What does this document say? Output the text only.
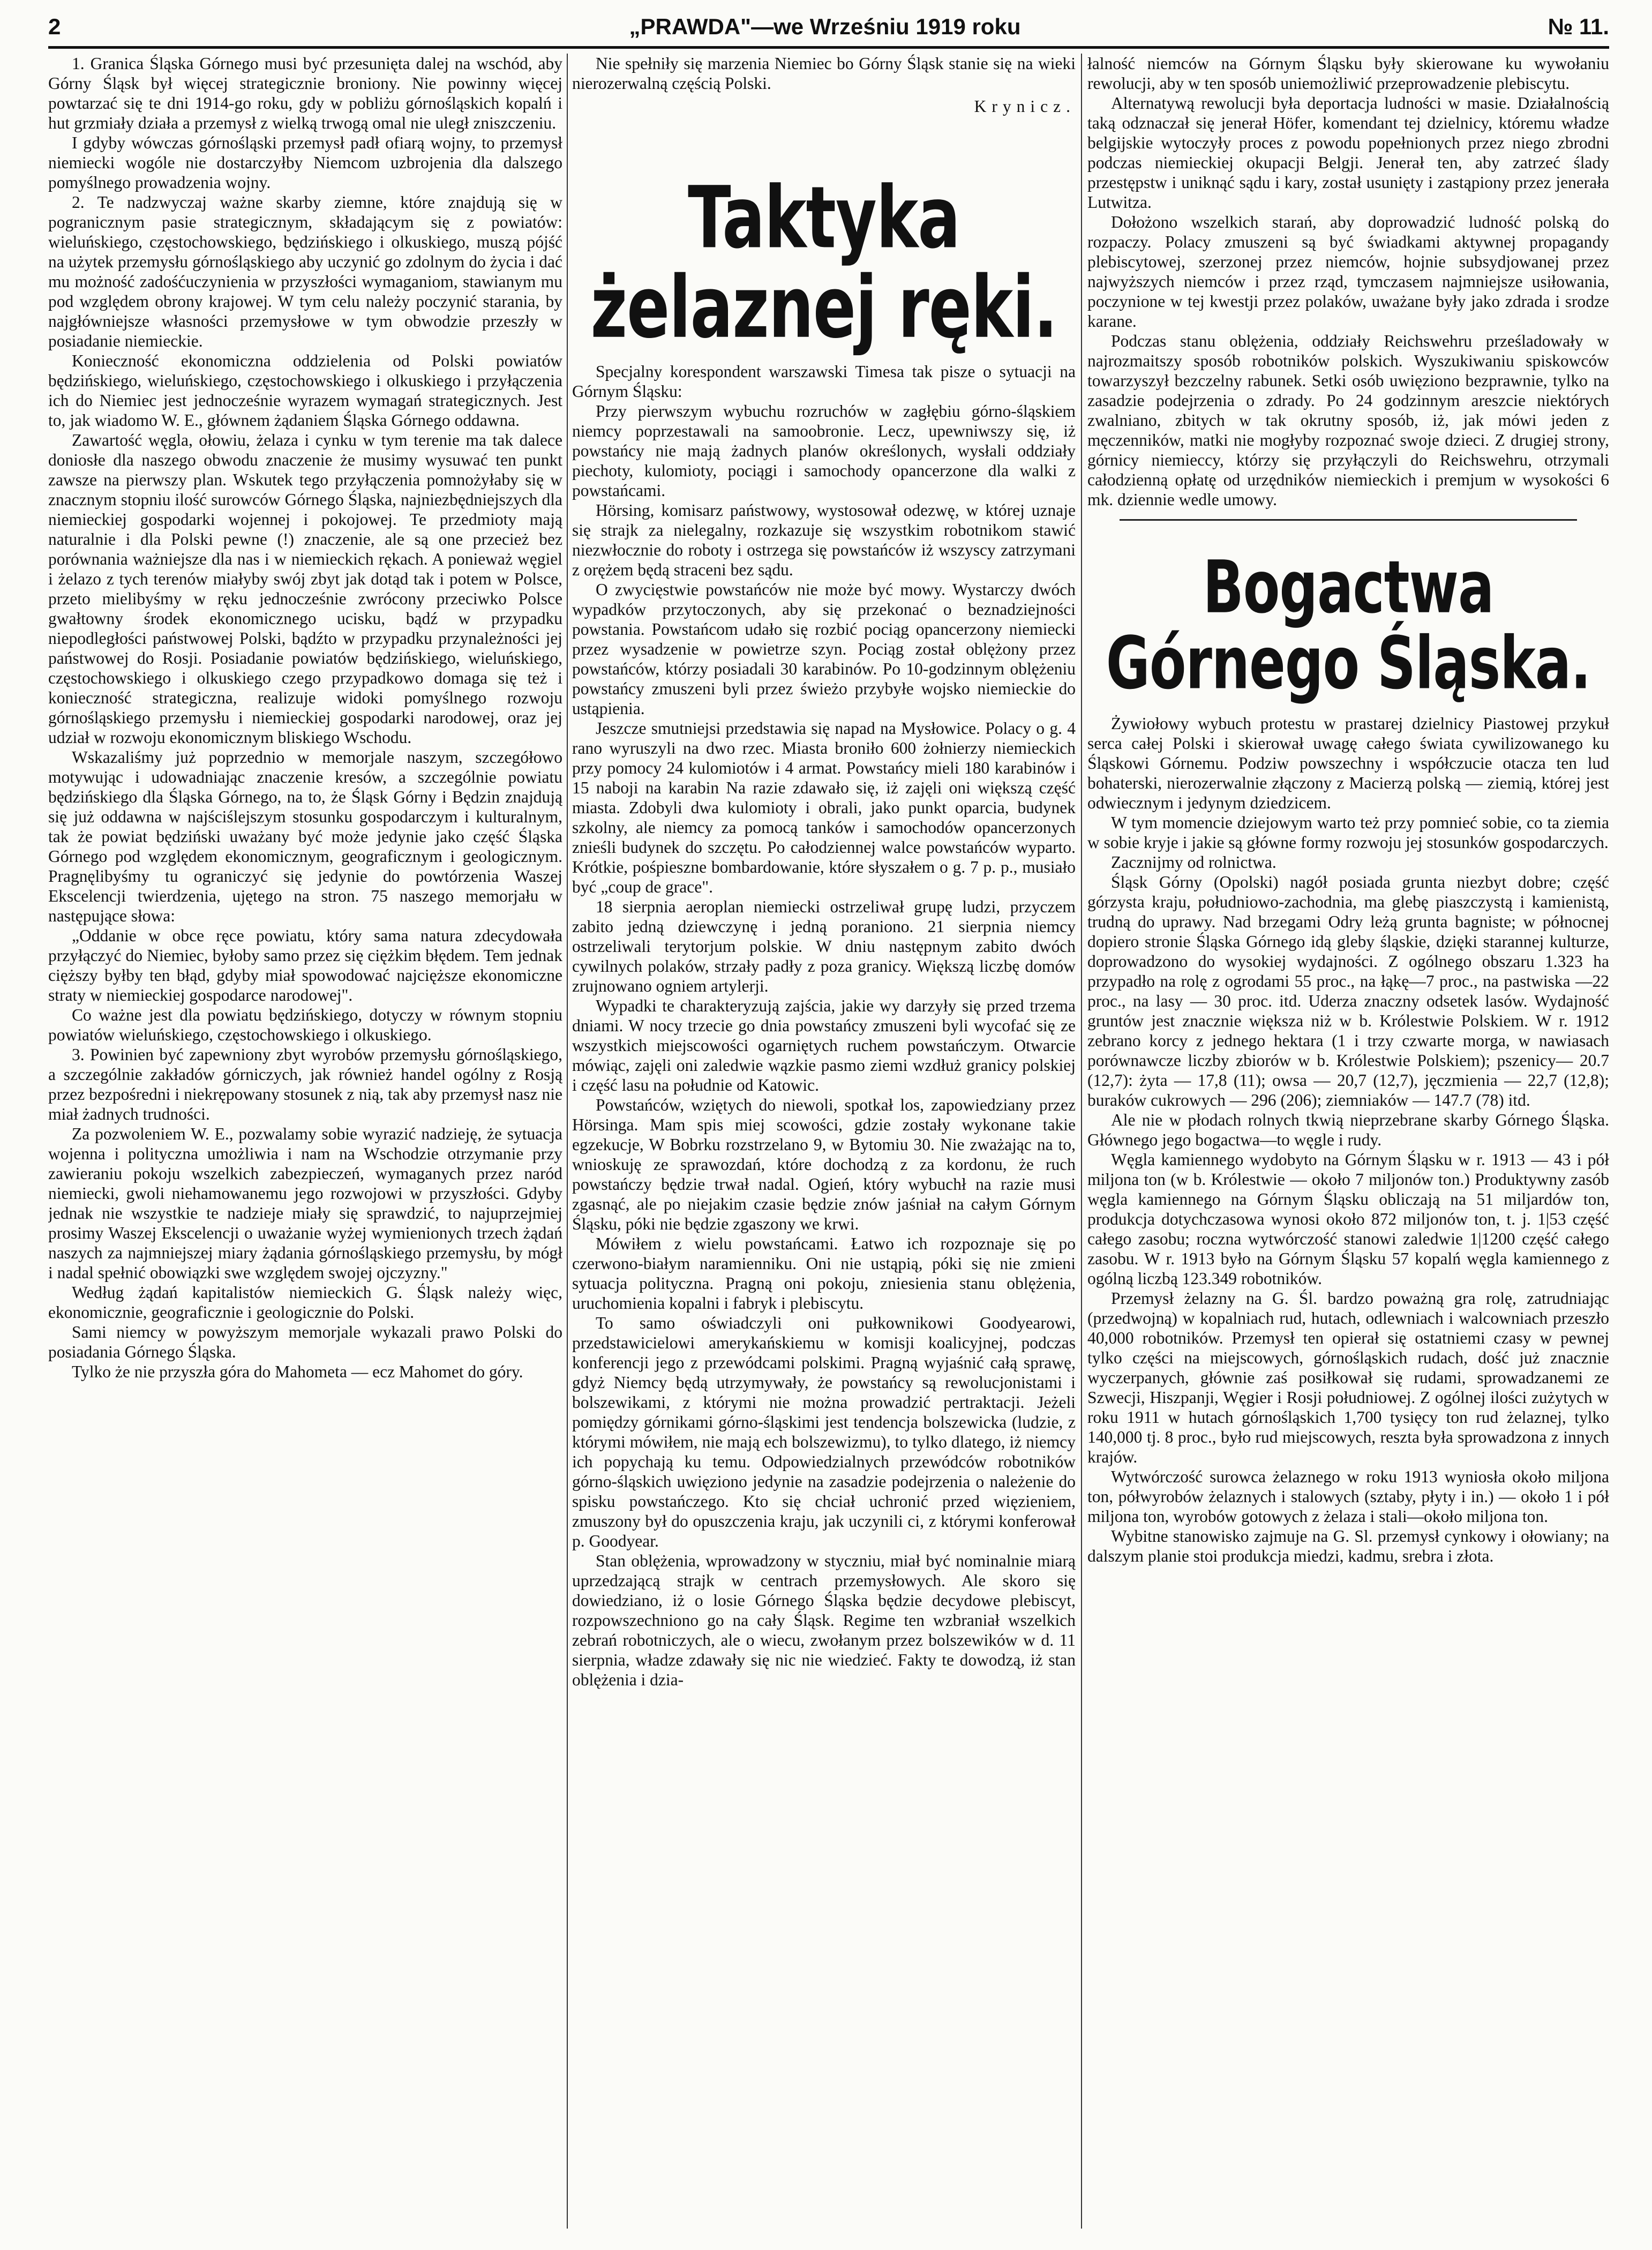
2	„PRAWDA"—we Wrześniu 1919 roku	№ 11.

1. Granica Śląska Górnego musi być przesunięta dalej na wschód, aby Górny Śląsk był więcej strategicznie broniony. Nie powinny więcej powtarzać się te dni 1914-go roku, gdy w pobliżu górnośląskich kopalń i hut grzmiały działa a przemysł z wielką trwogą omal nie uległ zniszczeniu.

I gdyby wówczas górnośląski przemysł padł ofiarą wojny, to przemysł niemiecki wogóle nie dostarczyłby Niemcom uzbrojenia dla dalszego pomyślnego prowadzenia wojny.

2. Te nadzwyczaj ważne skarby ziemne, które znajdują się w pogranicznym pasie strategicznym, składającym się z powiatów: wieluńskiego, częstochowskiego, będzińskiego i olkuskiego, muszą pójść na użytek przemysłu górnośląskiego aby uczynić go zdolnym do życia i dać mu możność zadośćuczynienia w przyszłości wymaganiom, stawianym mu pod względem obrony krajowej. W tym celu należy poczynić starania, by najgłówniejsze własności przemysłowe w tym obwodzie przeszły w posiadanie niemieckie.

Konieczność ekonomiczna oddzielenia od Polski powiatów będzińskiego, wieluńskiego, częstochowskiego i olkuskiego i przyłączenia ich do Niemiec jest jednocześnie wyrazem wymagań strategicznych. Jest to, jak wiadomo W. E., głównem żądaniem Śląska Górnego oddawna.

Zawartość węgla, ołowiu, żelaza i cynku w tym terenie ma tak dalece doniosłe dla naszego obwodu znaczenie że musimy wysuwać ten punkt zawsze na pierwszy plan. Wskutek tego przyłączenia pomnożyłaby się w znacznym stopniu ilość surowców Górnego Śląska, najniezbędniejszych dla niemieckiej gospodarki wojennej i pokojowej. Te przedmioty mają naturalnie i dla Polski pewne (!) znaczenie, ale są one przecież bez porównania ważniejsze dla nas i w niemieckich rękach. A ponieważ węgiel i żelazo z tych terenów miałyby swój zbyt jak dotąd tak i potem w Polsce, przeto mielibyśmy w ręku jednocześnie zwrócony przeciwko Polsce gwałtowny środek ekonomicznego ucisku, bądź w przypadku niepodległości państwowej Polski, bądźto w przypadku przynależności jej państwowej do Rosji. Posiadanie powiatów będzińskiego, wieluńskiego, częstochowskiego i olkuskiego czego przypadkowo domaga się też i konieczność strategiczna, realizuje widoki pomyślnego rozwoju górnośląskiego przemysłu i niemieckiej gospodarki narodowej, oraz jej udział w rozwoju ekonomicznym bliskiego Wschodu.

Wskazaliśmy już poprzednio w memorjale naszym, szczegółowo motywując i udowadniając znaczenie kresów, a szczególnie powiatu będzińskiego dla Śląska Górnego, na to, że Śląsk Górny i Będzin znajdują się już oddawna w najściślejszym stosunku gospodarczym i kulturalnym, tak że powiat będziński uważany być może jedynie jako część Śląska Górnego pod względem ekonomicznym, geograficznym i geologicznym. Pragnęlibyśmy tu ograniczyć się jedynie do powtórzenia Waszej Ekscelencji twierdzenia, ujętego na stron. 75 naszego memorjału w następujące słowa:

„Oddanie w obce ręce powiatu, który sama natura zdecydowała przyłączyć do Niemiec, byłoby samo przez się ciężkim błędem. Tem jednak cięższy byłby ten błąd, gdyby miał spowodować najcięższe ekonomiczne straty w niemieckiej gospodarce narodowej".

Co ważne jest dla powiatu będzińskiego, dotyczy w równym stopniu powiatów wieluńskiego, częstochowskiego i olkuskiego.

3. Powinien być zapewniony zbyt wyrobów przemysłu górnośląskiego, a szczególnie zakładów górniczych, jak również handel ogólny z Rosją przez bezpośredni i niekrępowany stosunek z nią, tak aby przemysł nasz nie miał żadnych trudności.

Za pozwoleniem W. E., pozwalamy sobie wyrazić nadzieję, że sytuacja wojenna i polityczna umożliwia i nam na Wschodzie otrzymanie przy zawieraniu pokoju wszelkich zabezpieczeń, wymaganych przez naród niemiecki, gwoli niehamowanemu jego rozwojowi w przyszłości. Gdyby jednak nie wszystkie te nadzieje miały się sprawdzić, to najuprzejmiej prosimy Waszej Ekscelencji o uważanie wyżej wymienionych trzech żądań naszych za najmniejszej miary żądania górnośląskiego przemysłu, by mógł i nadal spełnić obowiązki swe względem swojej ojczyzny."

Według żądań kapitalistów niemieckich G. Śląsk należy więc, ekonomicznie, geograficznie i geologicznie do Polski.

Sami niemcy w powyższym memorjale wykazali prawo Polski do posiadania Górnego Śląska.

Tylko że nie przyszła góra do Mahometa — ecz Mahomet do góry.

Nie spełniły się marzenia Niemiec bo Górny Śląsk stanie się na wieki nierozerwalną częścią Polski.

Krynicz.

Taktyka żelaznej ręki.

Specjalny korespondent warszawski Timesa tak pisze o sytuacji na Górnym Śląsku:

Przy pierwszym wybuchu rozruchów w zagłębiu górno-śląskiem niemcy poprzestawali na samoobronie. Lecz, upewniwszy się, iż powstańcy nie mają żadnych planów określonych, wysłali oddziały piechoty, kulomioty, pociągi i samochody opancerzone dla walki z powstańcami.

Hörsing, komisarz państwowy, wystosował odezwę, w której uznaje się strajk za nielegalny, rozkazuje się wszystkim robotnikom stawić niezwłocznie do roboty i ostrzega się powstańców iż wszyscy zatrzymani z orężem będą straceni bez sądu.

O zwycięstwie powstańców nie może być mowy. Wystarczy dwóch wypadków przytoczonych, aby się przekonać o beznadziejności powstania. Powstańcom udało się rozbić pociąg opancerzony niemiecki przez wysadzenie w powietrze szyn. Pociąg został oblężony przez powstańców, którzy posiadali 30 karabinów. Po 10-godzinnym oblężeniu powstańcy zmuszeni byli przez świeżo przybyłe wojsko niemieckie do ustąpienia.

Jeszcze smutniejsi przedstawia się napad na Mysłowice. Polacy o g. 4 rano wyruszyli na dwo rzec. Miasta broniło 600 żołnierzy niemieckich przy pomocy 24 kulomiotów i 4 armat. Powstańcy mieli 180 karabinów i 15 naboji na karabin Na razie zdawało się, iż zajęli oni większą część miasta. Zdobyli dwa kulomioty i obrali, jako punkt oparcia, budynek szkolny, ale niemcy za pomocą tanków i samochodów opancerzonych znieśli budynek do szczętu. Po całodziennej walce powstańców wyparto. Krótkie, pośpieszne bombardowanie, które słyszałem o g. 7 p. p., musiało być „coup de grace".

18 sierpnia aeroplan niemiecki ostrzeliwał grupę ludzi, przyczem zabito jedną dziewczynę i jedną poraniono. 21 sierpnia niemcy ostrzeliwali terytorjum polskie. W dniu następnym zabito dwóch cywilnych polaków, strzały padły z poza granicy. Większą liczbę domów zrujnowano ogniem artylerji.

Wypadki te charakteryzują zajścia, jakie wy darzyły się przed trzema dniami. W nocy trzecie go dnia powstańcy zmuszeni byli wycofać się ze wszystkich miejscowości ogarniętych ruchem powstańczym. Otwarcie mówiąc, zajęli oni zaledwie wązkie pasmo ziemi wzdłuż granicy polskiej i część lasu na południe od Katowic.

Powstańców, wziętych do niewoli, spotkał los, zapowiedziany przez Hörsinga. Mam spis miej scowości, gdzie zostały wykonane takie egzekucje, W Bobrku rozstrzelano 9, w Bytomiu 30. Nie zważając na to, wnioskuję ze sprawozdań, które dochodzą z za kordonu, że ruch powstańczy będzie trwał nadal. Ogień, który wybuchł na razie musi zgasnąć, ale po niejakim czasie będzie znów jaśniał na całym Górnym Śląsku, póki nie będzie zgaszony we krwi.

Mówiłem z wielu powstańcami. Łatwo ich rozpoznaje się po czerwono-białym naramienniku. Oni nie ustąpią, póki się nie zmieni sytuacja polityczna. Pragną oni pokoju, zniesienia stanu oblężenia, uruchomienia kopalni i fabryk i plebiscytu.

To samo oświadczyli oni pułkownikowi Goodyearowi, przedstawicielowi amerykańskiemu w komisji koalicyjnej, podczas konferencji jego z przewódcami polskimi. Pragną wyjaśnić całą sprawę, gdyż Niemcy będą utrzymywały, że powstańcy są rewolucjonistami i bolszewikami, z którymi nie można prowadzić pertraktacji. Jeżeli pomiędzy górnikami górno-śląskimi jest tendencja bolszewicka (ludzie, z którymi mówiłem, nie mają ech bolszewizmu), to tylko dlatego, iż niemcy ich popychają ku temu. Odpowiedzialnych przewódców robotników górno-śląskich uwięziono jedynie na zasadzie podejrzenia o należenie do spisku powstańczego. Kto się chciał uchronić przed więzieniem, zmuszony był do opuszczenia kraju, jak uczynili ci, z którymi konferował p. Goodyear.

Stan oblężenia, wprowadzony w styczniu, miał być nominalnie miarą uprzedzającą strajk w centrach przemysłowych. Ale skoro się dowiedziano, iż o losie Górnego Śląska będzie decydowe plebiscyt, rozpowszechniono go na cały Śląsk. Regime ten wzbraniał wszelkich zebrań robotniczych, ale o wiecu, zwołanym przez bolszewików w d. 11 sierpnia, władze zdawały się nic nie wiedzieć. Fakty te dowodzą, iż stan oblężenia i dzia-

łalność niemców na Górnym Śląsku były skierowane ku wywołaniu rewolucji, aby w ten sposób uniemożliwić przeprowadzenie plebiscytu.

Alternatywą rewolucji była deportacja ludności w masie. Działalnością taką odznaczał się jenerał Höfer, komendant tej dzielnicy, któremu władze belgijskie wytoczyły proces z powodu popełnionych przez niego zbrodni podczas niemieckiej okupacji Belgji. Jenerał ten, aby zatrzeć ślady przestępstw i uniknąć sądu i kary, został usunięty i zastąpiony przez jenerała Lutwitza.

Dołożono wszelkich starań, aby doprowadzić ludność polską do rozpaczy. Polacy zmuszeni są być świadkami aktywnej propagandy plebiscytowej, szerzonej przez niemców, hojnie subsydjowanej przez najwyższych niemców i przez rząd, tymczasem najmniejsze usiłowania, poczynione w tej kwestji przez polaków, uważane były jako zdrada i srodze karane.

Podczas stanu oblężenia, oddziały Reichswehru prześladowały w najrozmaitszy sposób robotników polskich. Wyszukiwaniu spiskowców towarzyszył bezczelny rabunek. Setki osób uwięziono bezprawnie, tylko na zasadzie podejrzenia o zdrady. Po 24 godzinnym areszcie niektórych zwalniano, zbitych w tak okrutny sposób, iż, jak mówi jeden z męczenników, matki nie mogłyby rozpoznać swoje dzieci. Z drugiej strony, górnicy niemieccy, którzy się przyłączyli do Reichswehru, otrzymali całodzienną opłatę od urzędników niemieckich i premjum w wysokości 6 mk. dziennie wedle umowy.

Bogactwa Górnego Śląska.

Żywiołowy wybuch protestu w prastarej dzielnicy Piastowej przykuł serca całej Polski i skierował uwagę całego świata cywilizowanego ku Śląskowi Górnemu. Podziw powszechny i współczucie otacza ten lud bohaterski, nierozerwalnie złączony z Macierzą polską — ziemią, której jest odwiecznym i jedynym dziedzicem.

W tym momencie dziejowym warto też przy pomnieć sobie, co ta ziemia w sobie kryje i jakie są główne formy rozwoju jej stosunków gospodarczych.

Zacznijmy od rolnictwa.

Śląsk Górny (Opolski) nagół posiada grunta niezbyt dobre; część górzysta kraju, południowo-zachodnia, ma glebę piaszczystą i kamienistą, trudną do uprawy. Nad brzegami Odry leżą grunta bagniste; w północnej dopiero stronie Śląska Górnego idą gleby śląskie, dzięki starannej kulturze, doprowadzono do wysokiej wydajności. Z ogólnego obszaru 1.323 ha przypadło na rolę z ogrodami 55 proc., na łąkę—7 proc., na pastwiska —22 proc., na lasy — 30 proc. itd. Uderza znaczny odsetek lasów. Wydajność gruntów jest znacznie większa niż w b. Królestwie Polskiem. W r. 1912 zebrano korcy z jednego hektara (1 i trzy czwarte morga, w nawiasach porównawcze liczby zbiorów w b. Królestwie Polskiem); pszenicy— 20.7 (12,7): żyta — 17,8 (11); owsa — 20,7 (12,7), jęczmienia — 22,7 (12,8); buraków cukrowych — 296 (206); ziemniaków — 147.7 (78) itd.

Ale nie w płodach rolnych tkwią nieprzebrane skarby Górnego Śląska. Głównego jego bogactwa—to węgle i rudy.

Węgla kamiennego wydobyto na Górnym Śląsku w r. 1913 — 43 i pół miljona ton (w b. Królestwie — około 7 miljonów ton.) Produktywny zasób węgla kamiennego na Górnym Śląsku obliczają na 51 miljardów ton, produkcja dotychczasowa wynosi około 872 miljonów ton, t. j. 1|53 część całego zasobu; roczna wytwórczość stanowi zaledwie 1|1200 część całego zasobu. W r. 1913 było na Górnym Śląsku 57 kopalń węgla kamiennego z ogólną liczbą 123.349 robotników.

Przemysł żelazny na G. Śl. bardzo poważną gra rolę, zatrudniając (przedwojną) w kopalniach rud, hutach, odlewniach i walcowniach przeszło 40,000 robotników. Przemysł ten opierał się ostatniemi czasy w pewnej tylko części na miejscowych, górnośląskich rudach, dość już znacznie wyczerpanych, głównie zaś posiłkował się rudami, sprowadzanemi ze Szwecji, Hiszpanji, Węgier i Rosji południowej. Z ogólnej ilości zużytych w roku 1911 w hutach górnośląskich 1,700 tysięcy ton rud żelaznej, tylko 140,000 tj. 8 proc., było rud miejscowych, reszta była sprowadzona z innych krajów.

Wytwórczość surowca żelaznego w roku 1913 wyniosła około miljona ton, półwyrobów żelaznych i stalowych (sztaby, płyty i in.) — około 1 i pół miljona ton, wyrobów gotowych z żelaza i stali—około miljona ton.

Wybitne stanowisko zajmuje na G. Sl. przemysł cynkowy i ołowiany; na dalszym planie stoi produkcja miedzi, kadmu, srebra i złota.
